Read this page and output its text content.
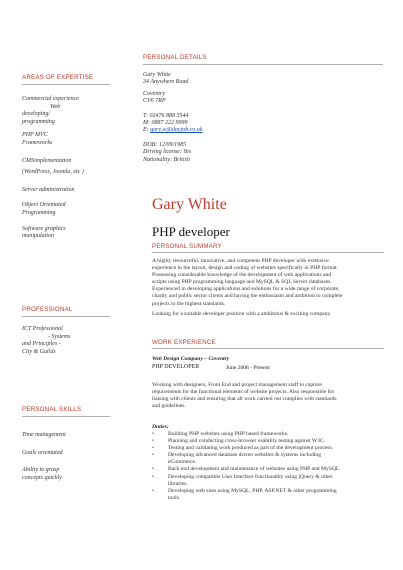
AREAS OF EXPERTISE
Commercial experience
Web
developing/
programming
PHP MVC
Frameworks
CMSimplementation
(WordPress, Joomla, etc )
Server administration
Object Orientated
Programming
Software graphics
manipulation
PROFESSIONAL
ICT Professional
- Systems
and Principles -
City & Guilds
PERSONAL SKILLS
Time management
Goals orientated
Ability to grasp
concepts quickly
PERSONAL DETAILS
Gary White
34 Anywhere Road
Coventry
CV6 7RP
T: 02476 888 5544
M: 0887 222 9999
E: gary.w@dayjob.co.uk
DOB: 12/09/1985
Driving license: Yes
Nationality: British
Gary White
PHP developer
PERSONAL SUMMARY
A highly resourceful, innovative, and competent PHP developer with extensive
experience in the layout, design and coding of websites specifically in PHP format.
Possessing considerable knowledge of the development of web applications and
scripts using PHP programming language and MySQL & SQL Server databases.
Experienced in developing applications and solutions for a wide range of corporate,
charity and public sector clients and having the enthusiasm and ambition to complete
projects to the highest standards.
Looking for a suitable developer position with a ambitious & exciting company.
WORK EXPERIENCE
Web Design Company – Coventry
PHP DEVELOPER	June 2008 - Present
Working with designers, Front End and project management staff to capture
requirements for the functional elements of website projects. Also responsible for
liaising with clients and ensuring that all work carried out complies with standards
and guidelines.
Duties:
•	Building PHP websites using PHP based frameworks.
•	Planning and conducting cross-browser usability testing against W3C.
•	Testing and validating work produced as part of the development process.
•	Developing advanced database driven websites & systems including
eCommerce.
•	Back end development and maintenance of websites using PHP and MySQL.
•	Developing compatible User Interface functionality using jQuery & other
libraries.
•	Developing web sites using MySQL, PHP, ASP.NET & other programming
tools.
